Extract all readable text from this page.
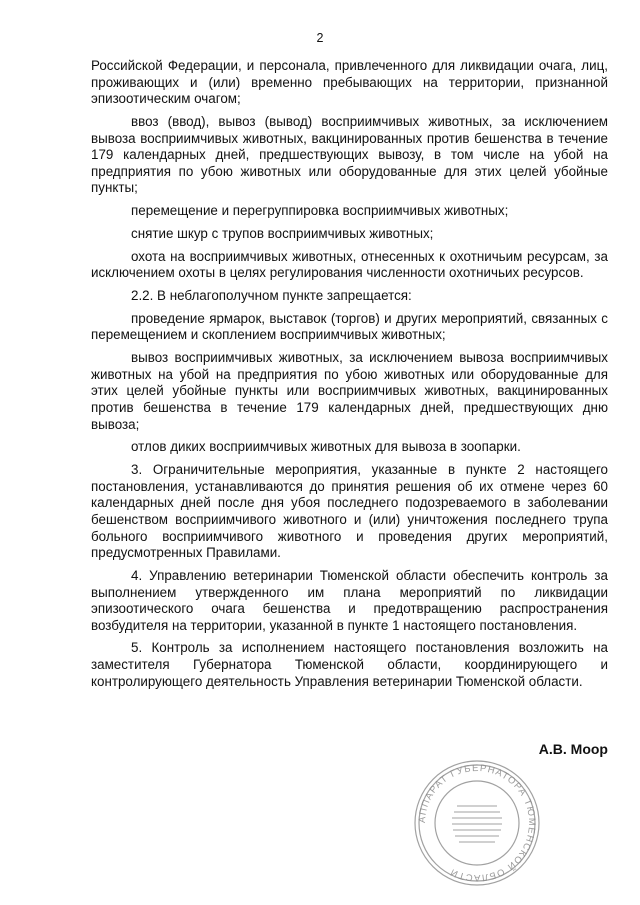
2

Российской Федерации, и персонала, привлеченного для ликвидации очага, лиц, проживающих и (или) временно пребывающих на территории, признанной эпизоотическим очагом;

ввоз (ввод), вывоз (вывод) восприимчивых животных, за исключением вывоза восприимчивых животных, вакцинированных против бешенства в течение 179 календарных дней, предшествующих вывозу, в том числе на убой на предприятия по убою животных или оборудованные для этих целей убойные пункты;

перемещение и перегруппировка восприимчивых животных;

снятие шкур с трупов восприимчивых животных;

охота на восприимчивых животных, отнесенных к охотничьим ресурсам, за исключением охоты в целях регулирования численности охотничьих ресурсов.

2.2. В неблагополучном пункте запрещается:

проведение ярмарок, выставок (торгов) и других мероприятий, связанных с перемещением и скоплением восприимчивых животных;

вывоз восприимчивых животных, за исключением вывоза восприимчивых животных на убой на предприятия по убою животных или оборудованные для этих целей убойные пункты или восприимчивых животных, вакцинированных против бешенства в течение 179 календарных дней, предшествующих дню вывоза;

отлов диких восприимчивых животных для вывоза в зоопарки.

3. Ограничительные мероприятия, указанные в пункте 2 настоящего постановления, устанавливаются до принятия решения об их отмене через 60 календарных дней после дня убоя последнего подозреваемого в заболевании бешенством восприимчивого животного и (или) уничтожения последнего трупа больного восприимчивого животного и проведения других мероприятий, предусмотренных Правилами.

4. Управлению ветеринарии Тюменской области обеспечить контроль за выполнением утвержденного им плана мероприятий по ликвидации эпизоотического очага бешенства и предотвращению распространения возбудителя на территории, указанной в пункте 1 настоящего постановления.

5. Контроль за исполнением настоящего постановления возложить на заместителя Губернатора Тюменской области, координирующего и контролирующего деятельность Управления ветеринарии Тюменской области.

А.В. Моор
АППАРАТ ГУБЕРНАТОРА ТЮМЕНСКОЙ ОБЛАСТИ
